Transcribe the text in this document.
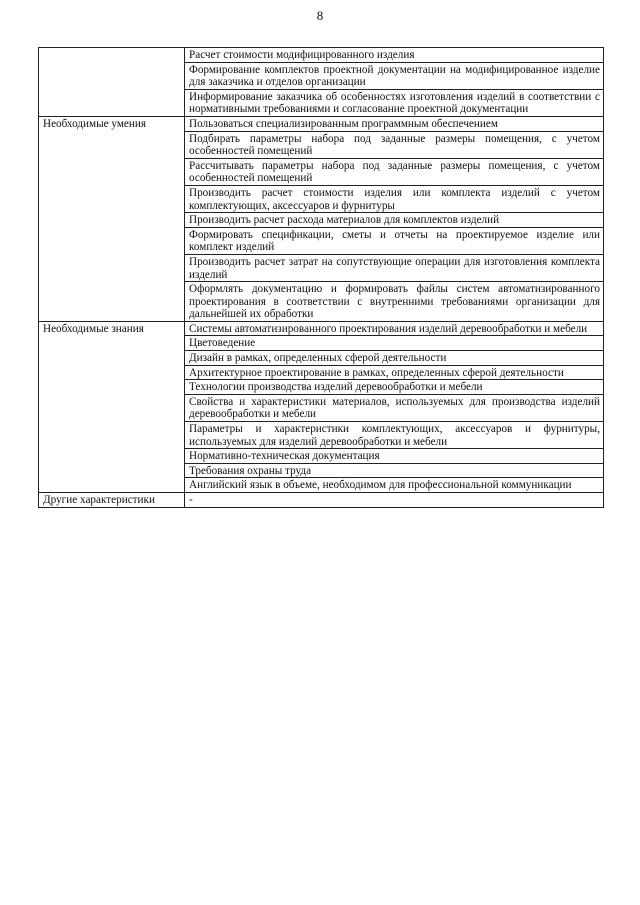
8
	Расчет стоимости модифицированного изделия
	Формирование комплектов проектной документации на модифицированное изделие для заказчика и отделов организации
	Информирование заказчика об особенностях изготовления изделий в соответствии с нормативными требованиями и согласование проектной документации
Необходимые умения	Пользоваться специализированным программным обеспечением
	Подбирать параметры набора под заданные размеры помещения, с учетом особенностей помещений
	Рассчитывать параметры набора под заданные размеры помещения, с учетом особенностей помещений
	Производить расчет стоимости изделия или комплекта изделий с учетом комплектующих, аксессуаров и фурнитуры
	Производить расчет расхода материалов для комплектов изделий
	Формировать спецификации, сметы и отчеты на проектируемое изделие или комплект изделий
	Производить расчет затрат на сопутствующие операции для изготовления комплекта изделий
	Оформлять документацию и формировать файлы систем автоматизированного проектирования в соответствии с внутренними требованиями организации для дальнейшей их обработки
Необходимые знания	Системы автоматизированного проектирования изделий деревообработки и мебели
	Цветоведение
	Дизайн в рамках, определенных сферой деятельности
	Архитектурное проектирование в рамках, определенных сферой деятельности
	Технологии производства изделий деревообработки и мебели
	Свойства и характеристики материалов, используемых для производства изделий деревообработки и мебели
	Параметры и характеристики комплектующих, аксессуаров и фурнитуры, используемых для изделий деревообработки и мебели
	Нормативно-техническая документация
	Требования охраны труда
	Английский язык в объеме, необходимом для профессиональной коммуникации
Другие характеристики	-
